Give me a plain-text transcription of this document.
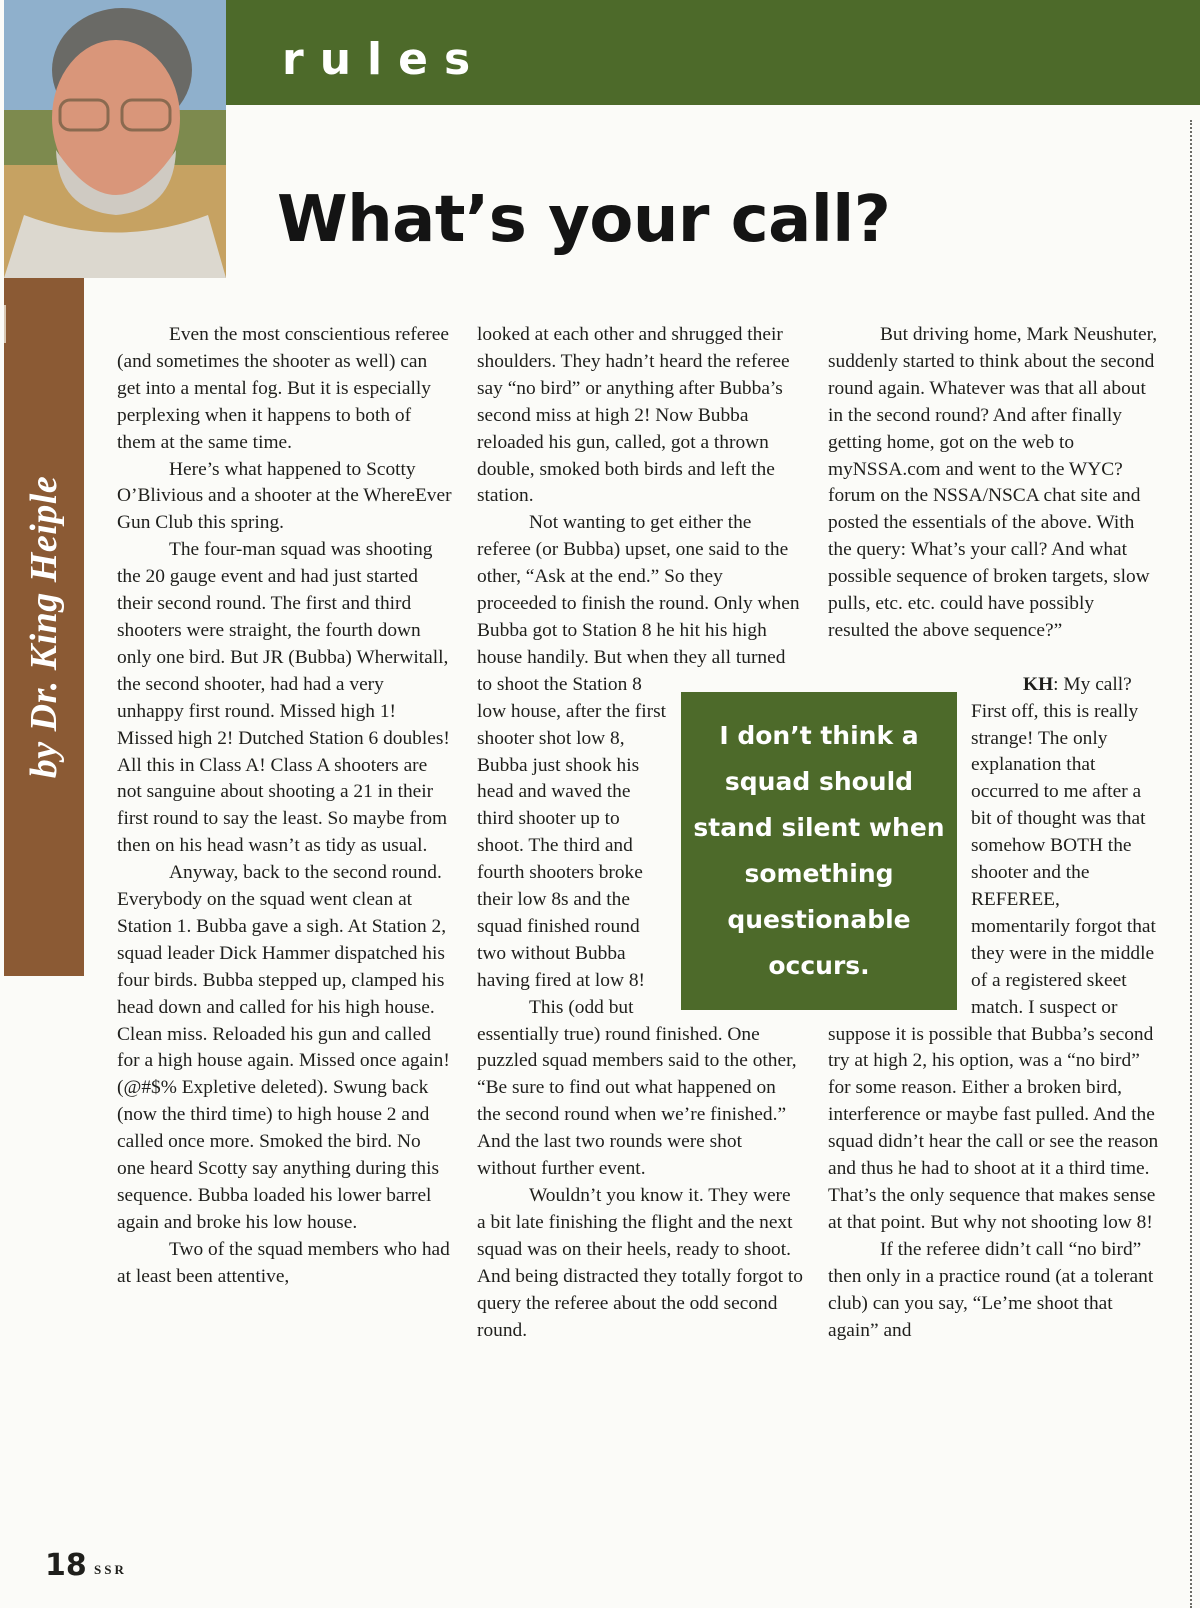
rules
What’s your call?
by Dr. King Heiple

Even the most conscientious referee (and sometimes the shooter as well) can get into a mental fog. But it is especially perplexing when it happens to both of them at the same time.

Here’s what happened to Scotty O’Blivious and a shooter at the WhereEver Gun Club this spring.

The four-man squad was shooting the 20 gauge event and had just started their second round. The first and third shooters were straight, the fourth down only one bird. But JR (Bubba) Wherwitall, the second shooter, had had a very unhappy first round. Missed high 1! Missed high 2! Dutched Station 6 doubles! All this in Class A! Class A shooters are not sanguine about shooting a 21 in their first round to say the least. So maybe from then on his head wasn’t as tidy as usual.

Anyway, back to the second round. Everybody on the squad went clean at Station 1. Bubba gave a sigh. At Station 2, squad leader Dick Hammer dispatched his four birds. Bubba stepped up, clamped his head down and called for his high house. Clean miss. Reloaded his gun and called for a high house again. Missed once again! (@#$% Expletive deleted). Swung back (now the third time) to high house 2 and called once more. Smoked the bird. No one heard Scotty say anything during this sequence. Bubba loaded his lower barrel again and broke his low house.

Two of the squad members who had at least been attentive,

looked at each other and shrugged their shoulders. They hadn’t heard the referee say “no bird” or anything after Bubba’s second miss at high 2! Now Bubba reloaded his gun, called, got a thrown double, smoked both birds and left the station.

Not wanting to get either the referee (or Bubba) upset, one said to the other, “Ask at the end.” So they proceeded to finish the round. Only when Bubba got to Station 8 he hit his high house handily. But when they all turned to shoot the Station 8 low house, after the first shooter shot low 8, Bubba just shook his head and waved the third shooter up to shoot. The third and fourth shooters broke their low 8s and the squad finished round two without Bubba having fired at low 8!

This (odd but essentially true) round finished. One puzzled squad members said to the other, “Be sure to find out what happened on the second round when we’re finished.” And the last two rounds were shot without further event.

Wouldn’t you know it. They were a bit late finishing the flight and the next squad was on their heels, ready to shoot. And being distracted they totally forgot to query the referee about the odd second round.

But driving home, Mark Neushuter, suddenly started to think about the second round again. Whatever was that all about in the second round? And after finally getting home, got on the web to myNSSA.com and went to the WYC? forum on the NSSA/NSCA chat site and posted the essentials of the above. With the query: What’s your call? And what possible sequence of broken targets, slow pulls, etc. etc. could have possibly resulted the above sequence?”

KH: My call? First off, this is really strange! The only explanation that occurred to me after a bit of thought was that somehow BOTH the shooter and the REFEREE, momentarily forgot that they were in the middle of a registered skeet match. I suspect or suppose it is possible that Bubba’s second try at high 2, his option, was a “no bird” for some reason. Either a broken bird, interference or maybe fast pulled. And the squad didn’t hear the call or see the reason and thus he had to shoot at it a third time. That’s the only sequence that makes sense at that point. But why not shooting low 8!

If the referee didn’t call “no bird” then only in a practice round (at a tolerant club) can you say, “Le’me shoot that again” and

I don’t think a squad should stand silent when something questionable occurs.
18 SSR
